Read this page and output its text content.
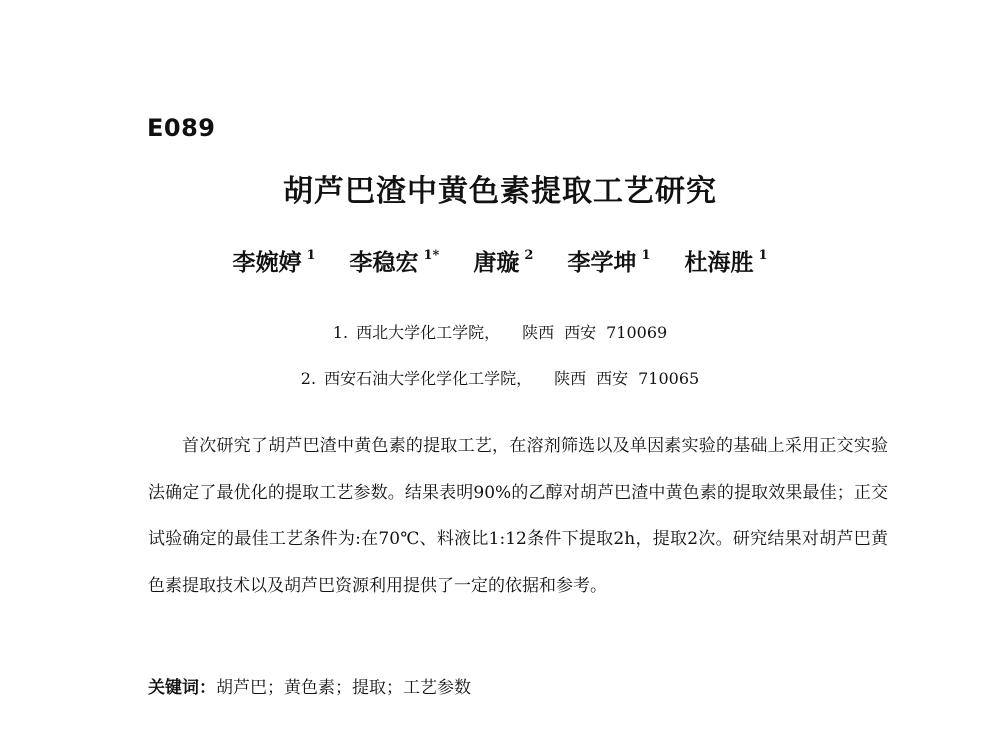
E089
胡芦巴渣中黄色素提取工艺研究
李婉婷 $^1$ 李稳宏 $^{1*}$ 唐璇 $^2$ 李学坤 $^1$ 杜海胜 $^1$
1. 西北大学化工学院， 陕西 西安 710069
2. 西安石油大学化学化工学院， 陕西 西安 710065

首次研究了胡芦巴渣中黄色素的提取工艺，在溶剂筛选以及单因素实验的基础上采用正交实验法确定了最优化的提取工艺参数。结果表明90%的乙醇对胡芦巴渣中黄色素的提取效果最佳；正交试验确定的最佳工艺条件为:在70℃、料液比1:12条件下提取2h，提取2次。研究结果对胡芦巴黄色素提取技术以及胡芦巴资源利用提供了一定的依据和参考。

关键词：胡芦巴；黄色素；提取；工艺参数
